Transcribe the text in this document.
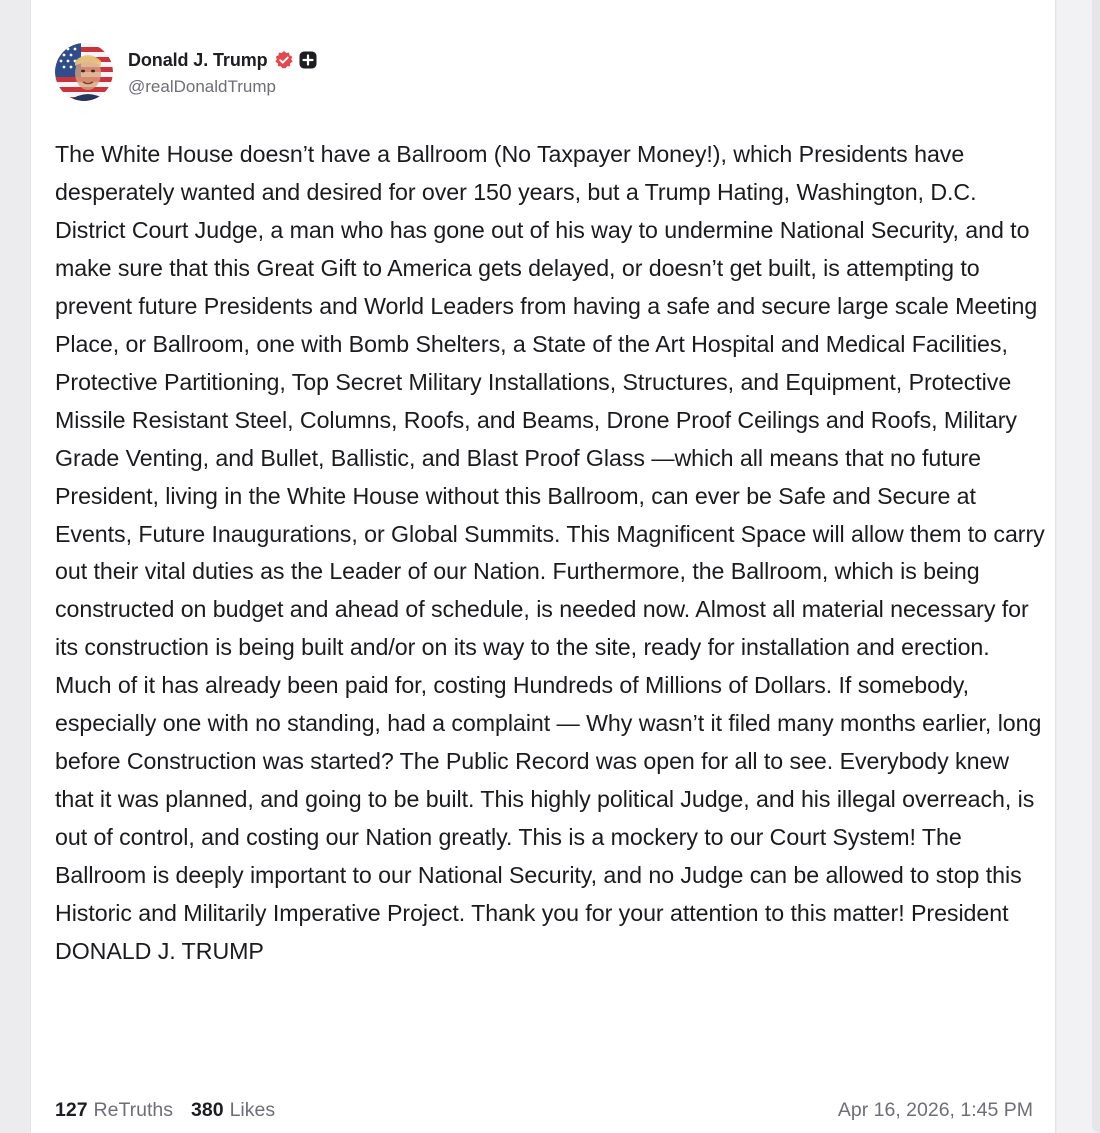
Donald J. Trump
@realDonaldTrump

The White House doesn’t have a Ballroom (No Taxpayer Money!), which Presidents have desperately wanted and desired for over 150 years, but a Trump Hating, Washington, D.C. District Court Judge, a man who has gone out of his way to undermine National Security, and to make sure that this Great Gift to America gets delayed, or doesn’t get built, is attempting to prevent future Presidents and World Leaders from having a safe and secure large scale Meeting Place, or Ballroom, one with Bomb Shelters, a State of the Art Hospital and Medical Facilities, Protective Partitioning, Top Secret Military Installations, Structures, and Equipment, Protective Missile Resistant Steel, Columns, Roofs, and Beams, Drone Proof Ceilings and Roofs, Military Grade Venting, and Bullet, Ballistic, and Blast Proof Glass —which all means that no future President, living in the White House without this Ballroom, can ever be Safe and Secure at Events, Future Inaugurations, or Global Summits. This Magnificent Space will allow them to carry out their vital duties as the Leader of our Nation. Furthermore, the Ballroom, which is being constructed on budget and ahead of schedule, is needed now. Almost all material necessary for its construction is being built and/or on its way to the site, ready for installation and erection. Much of it has already been paid for, costing Hundreds of Millions of Dollars. If somebody, especially one with no standing, had a complaint — Why wasn’t it filed many months earlier, long before Construction was started? The Public Record was open for all to see. Everybody knew that it was planned, and going to be built. This highly political Judge, and his illegal overreach, is out of control, and costing our Nation greatly. This is a mockery to our Court System! The Ballroom is deeply important to our National Security, and no Judge can be allowed to stop this Historic and Militarily Imperative Project. Thank you for your attention to this matter! President DONALD J. TRUMP

127 ReTruths 380 Likes	Apr 16, 2026, 1:45 PM
